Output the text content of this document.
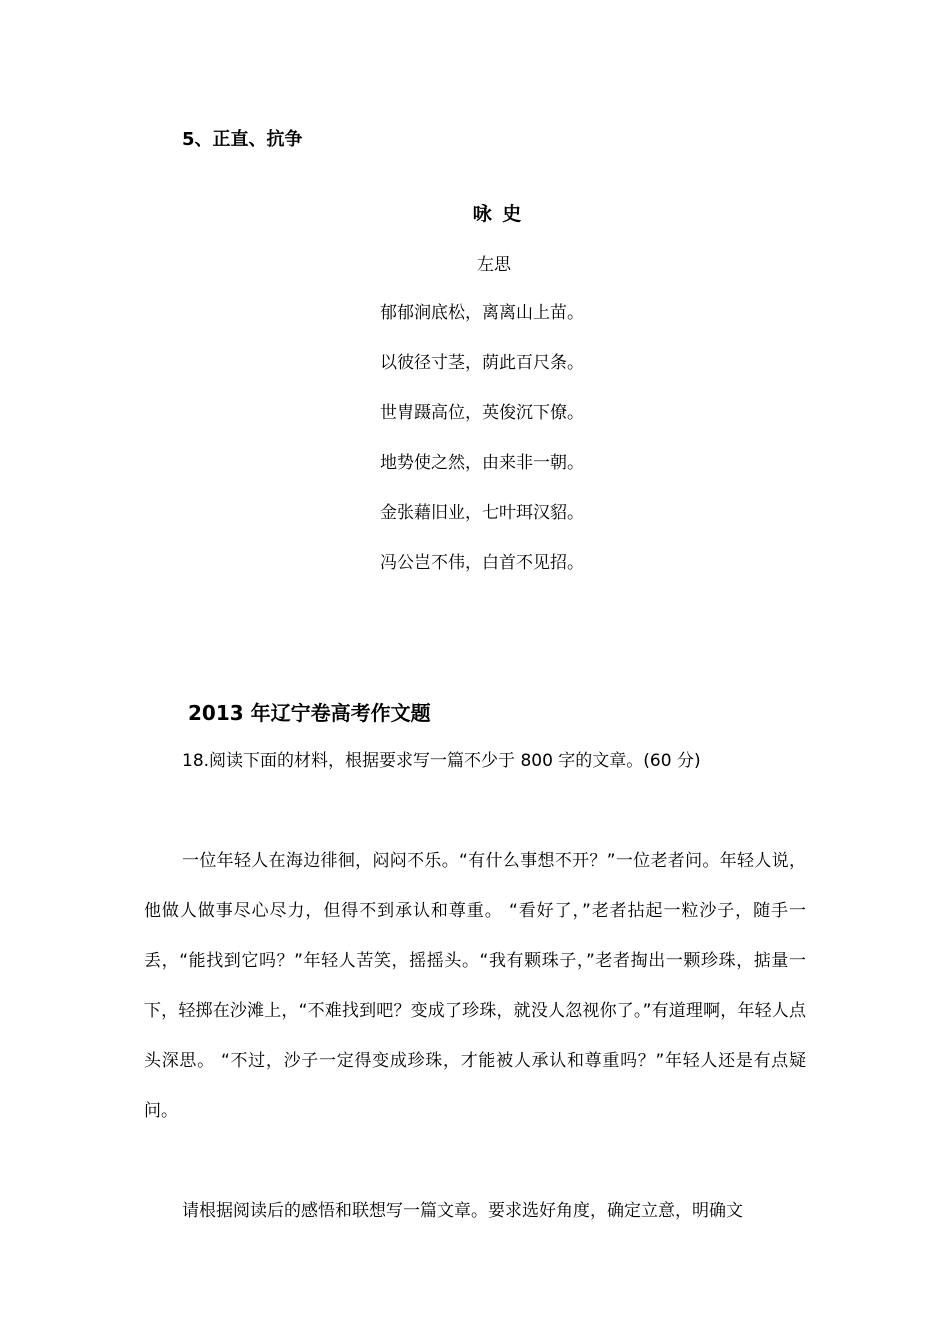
5、正直、抗争
咏 史
左思
郁郁涧底松，离离山上苗。
以彼径寸茎，荫此百尺条。
世胄蹑高位，英俊沉下僚。
地势使之然，由来非一朝。
金张藉旧业，七叶珥汉貂。
冯公岂不伟，白首不见招。
2013 年辽宁卷高考作文题
18.阅读下面的材料，根据要求写一篇不少于 800 字的文章。(60 分)
一位年轻人在海边徘徊，闷闷不乐。“有什么事想不开？”一位老者问。年轻人说， 他做人做事尽心尽力，但得不到承认和尊重。 “看好了，”老者拈起一粒沙子，随手一丢，“能找到它吗？”年轻人苦笑，摇摇头。“我有颗珠子，”老者掏出一颗珍珠，掂量一下，轻掷在沙滩上，“不难找到吧？变成了珍珠，就没人忽视你了。”有道理啊，年轻人点头深思。 “不过，沙子一定得变成珍珠，才能被人承认和尊重吗？”年轻人还是有点疑问。
请根据阅读后的感悟和联想写一篇文章。要求选好角度，确定立意，明确文
